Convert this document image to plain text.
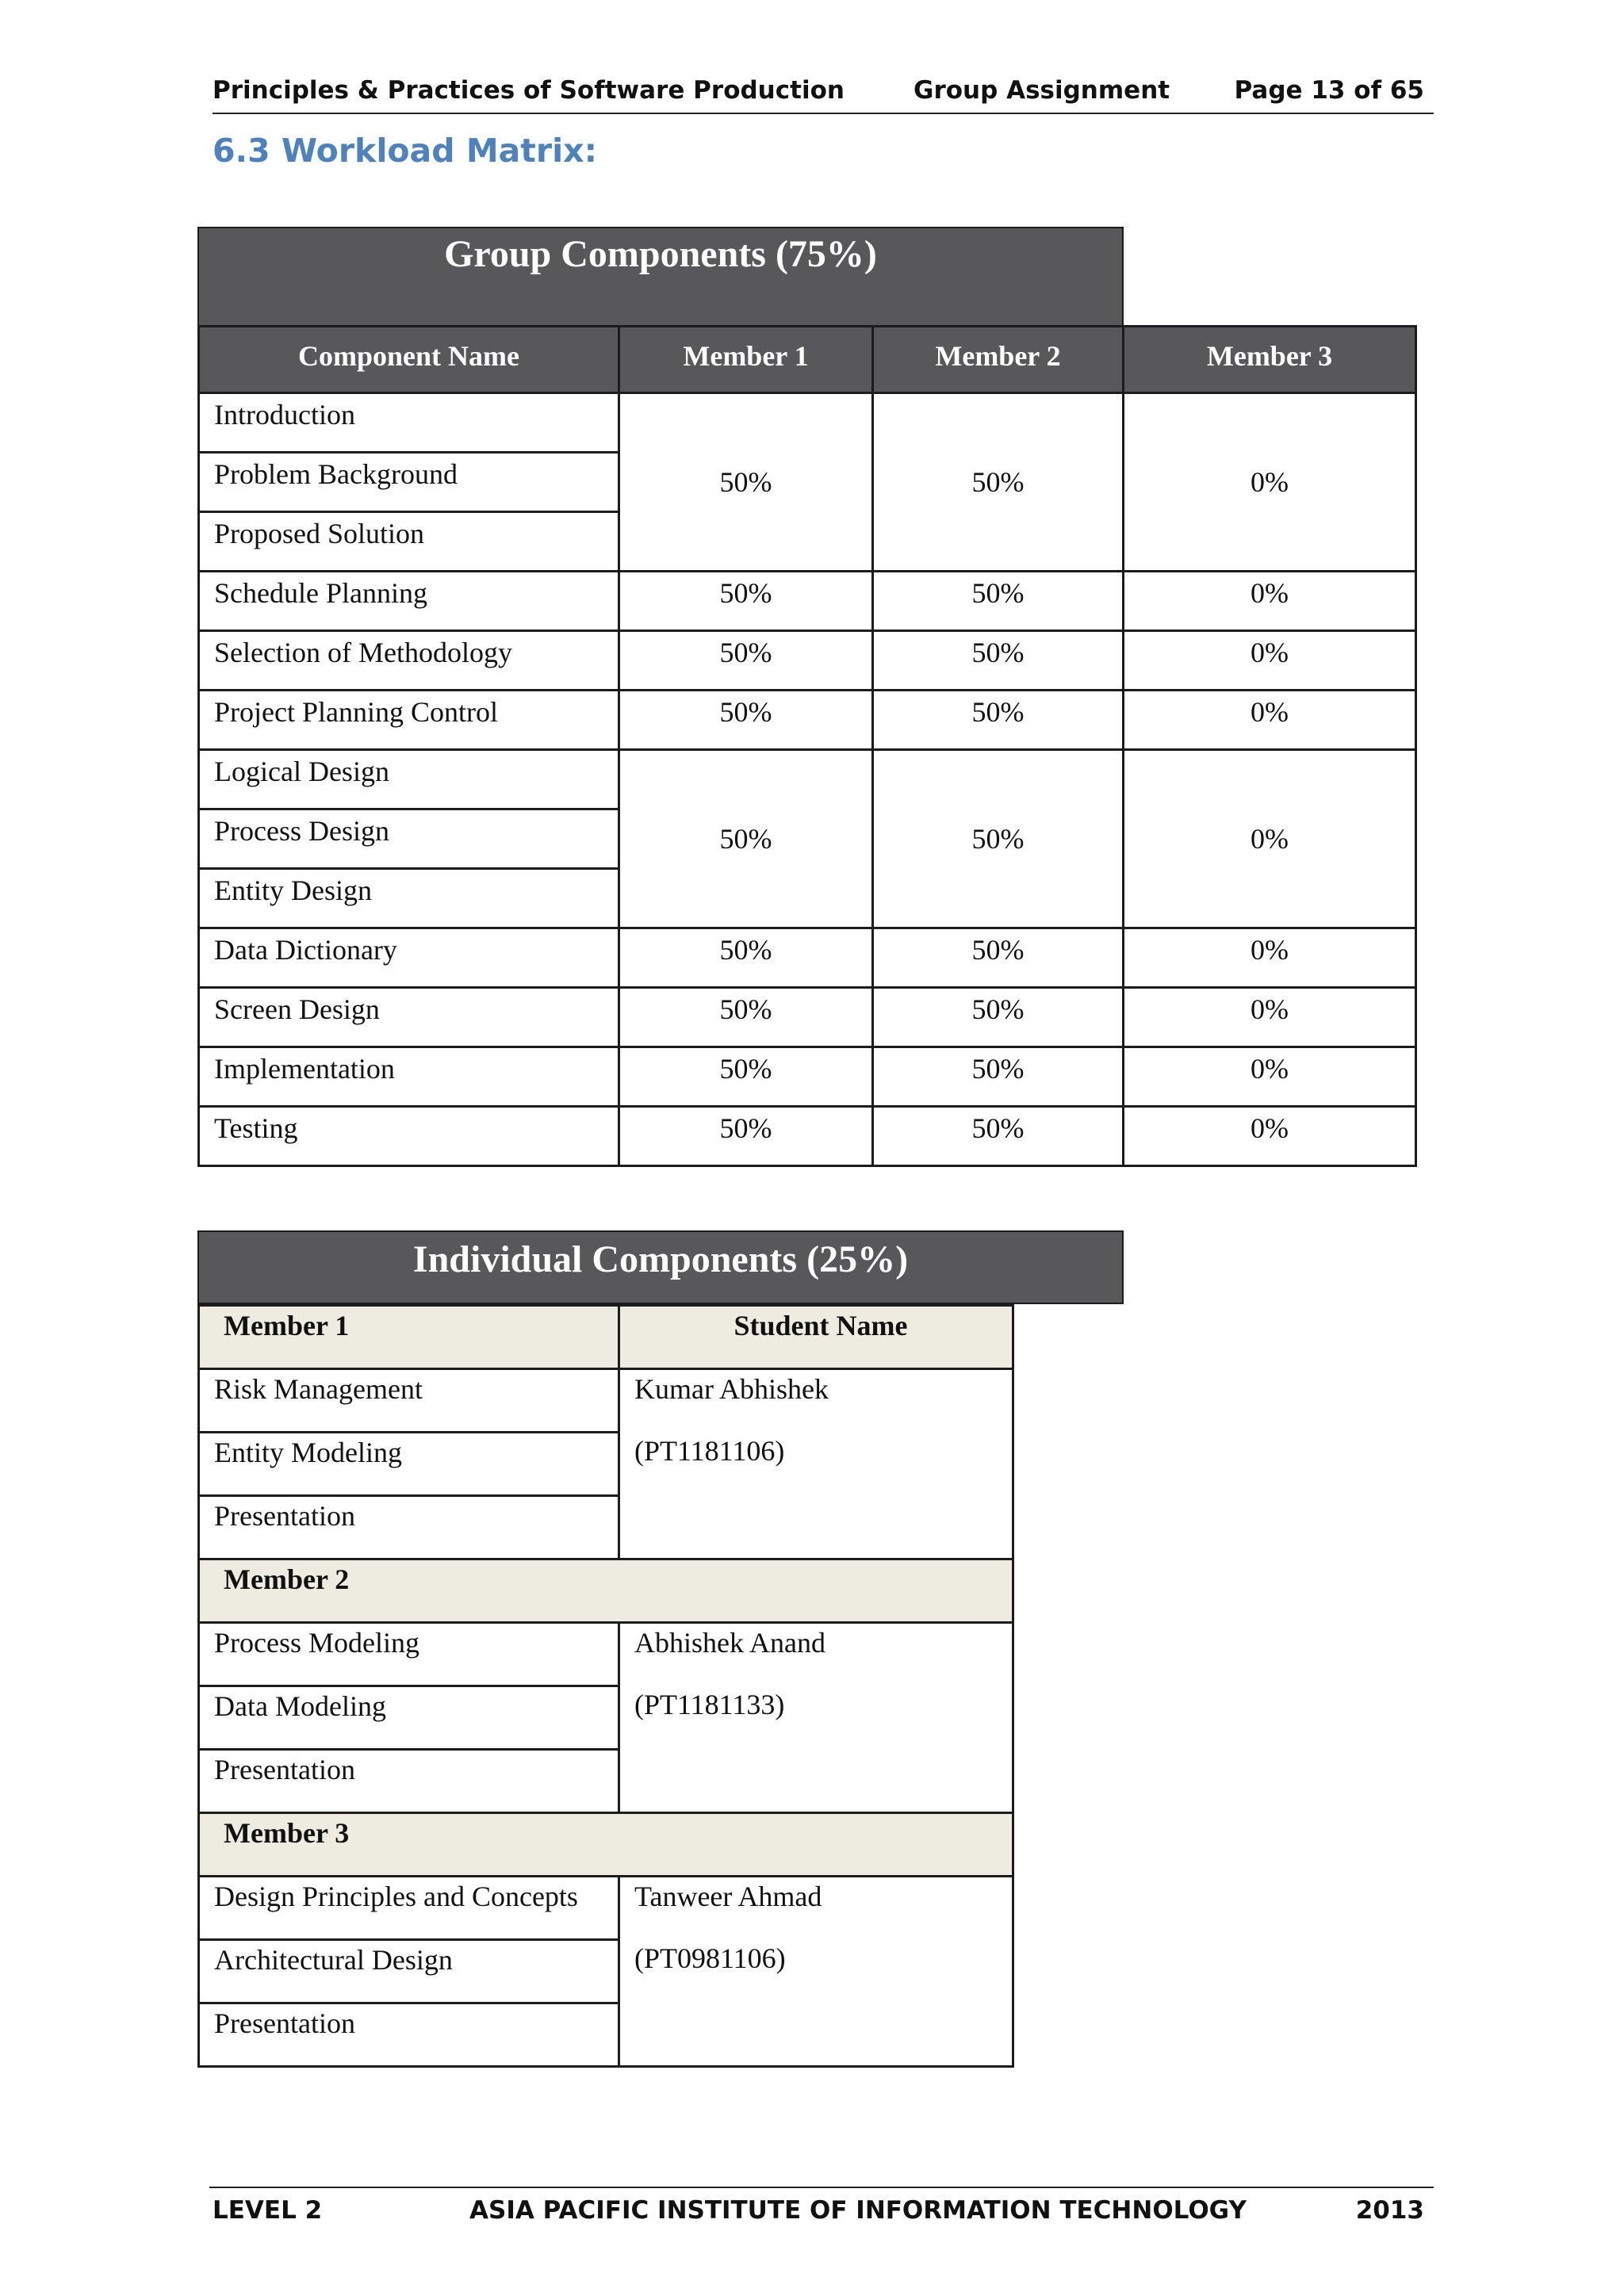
Principles & Practices of Software Production	Group Assignment	Page 13 of 65
6.3 Workload Matrix:
Group Components (75%)
Component Name	Member 1	Member 2	Member 3
Introduction	50%	50%	0%
Problem Background			
Proposed Solution			
Schedule Planning	50%	50%	0%
Selection of Methodology	50%	50%	0%
Project Planning Control	50%	50%	0%
Logical Design	50%	50%	0%
Process Design			
Entity Design			
Data Dictionary	50%	50%	0%
Screen Design	50%	50%	0%
Implementation	50%	50%	0%
Testing	50%	50%	0%
Individual Components (25%)
Member 1	Student Name
Risk Management	Kumar Abhishek
(PT1181106)

Entity Modeling	
Presentation	
Member 2	
Process Modeling	Abhishek Anand
(PT1181133)

Data Modeling	
Presentation	
Member 3	
Design Principles and Concepts	Tanweer Ahmad
(PT0981106)

Architectural Design	
Presentation	
LEVEL 2	ASIA PACIFIC INSTITUTE OF INFORMATION TECHNOLOGY	2013
